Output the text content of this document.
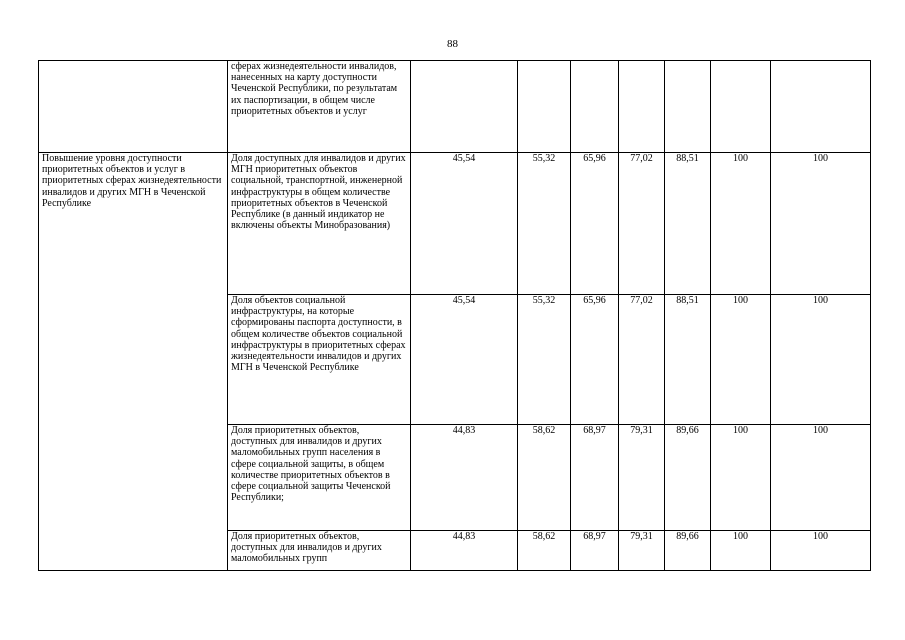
88
	сферах жизнедеятельности инвалидов, нанесенных на карту доступности Чеченской Республики, по результатам их паспортизации, в общем числе приоритетных объектов и услуг							
Повышение уровня доступности приоритетных объектов и услуг в приоритетных сферах жизнедеятельности инвалидов и других МГН в Чеченской Республике	Доля доступных для инвалидов и других МГН приоритетных объектов социальной, транспортной, инженерной инфраструктуры в общем количестве приоритетных объектов в Чеченской Республике (в данный индикатор не включены объекты Минобразования)	45,54	55,32	65,96	77,02	88,51	100	100
	Доля объектов социальной инфраструктуры, на которые сформированы паспорта доступности, в общем количестве объектов социальной инфраструктуры в приоритетных сферах жизнедеятельности инвалидов и других МГН в Чеченской Республике	45,54	55,32	65,96	77,02	88,51	100	100
	Доля приоритетных объектов, доступных для инвалидов и других маломобильных групп населения в сфере социальной защиты, в общем количестве приоритетных объектов в сфере социальной защиты Чеченской Республики;	44,83	58,62	68,97	79,31	89,66	100	100
	Доля приоритетных объектов, доступных для инвалидов и других маломобильных групп	44,83	58,62	68,97	79,31	89,66	100	100
